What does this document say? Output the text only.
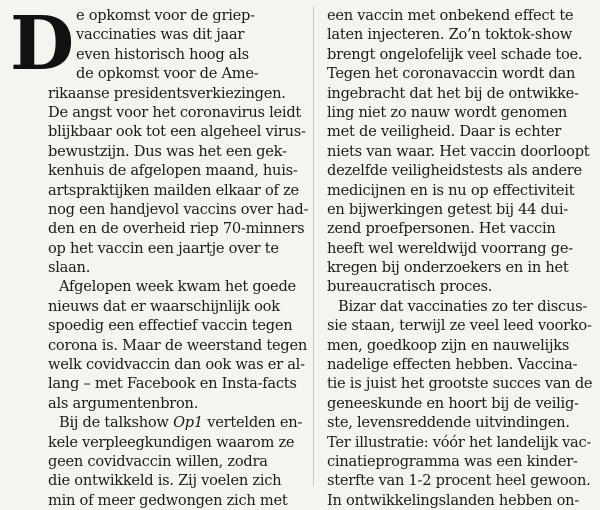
D e opkomst voor de griep-
vaccinaties was dit jaar
even historisch hoog als
de opkomst voor de Ame-
rikaanse presidentsverkiezingen.
De angst voor het coronavirus leidt
blijkbaar ook tot een algeheel virus-
bewustzijn. Dus was het een gek-
kenhuis de afgelopen maand, huis-
artspraktijken mailden elkaar of ze
nog een handjevol vaccins over had-
den en de overheid riep 70-minners
op het vaccin een jaartje over te
slaan.
Afgelopen week kwam het goede
nieuws dat er waarschijnlijk ook
spoedig een effectief vaccin tegen
corona is. Maar de weerstand tegen
welk covidvaccin dan ook was er al-
lang – met Facebook en Insta-facts
als argumentenbron.
Bij de talkshow Op1 vertelden en-
kele verpleegkundigen waarom ze
geen covidvaccin willen, zodra
die ontwikkeld is. Zij voelen zich
min of meer gedwongen zich met
een vaccin met onbekend effect te
laten injecteren. Zo’n toktok-show
brengt ongelofelijk veel schade toe.
Tegen het coronavaccin wordt dan
ingebracht dat het bij de ontwikke-
ling niet zo nauw wordt genomen
met de veiligheid. Daar is echter
niets van waar. Het vaccin doorloopt
dezelfde veiligheidstests als andere
medicijnen en is nu op effectiviteit
en bijwerkingen getest bij 44 dui-
zend proefpersonen. Het vaccin
heeft wel wereldwijd voorrang ge-
kregen bij onderzoekers en in het
bureaucratisch proces.
Bizar dat vaccinaties zo ter discus-
sie staan, terwijl ze veel leed voorko-
men, goedkoop zijn en nauwelijks
nadelige effecten hebben. Vaccina-
tie is juist het grootste succes van de
geneeskunde en hoort bij de veilig-
ste, levensreddende uitvindingen.
Ter illustratie: vóór het landelijk vac-
cinatieprogramma was een kinder-
sterfte van 1-2 procent heel gewoon.
In ontwikkelingslanden hebben on-
